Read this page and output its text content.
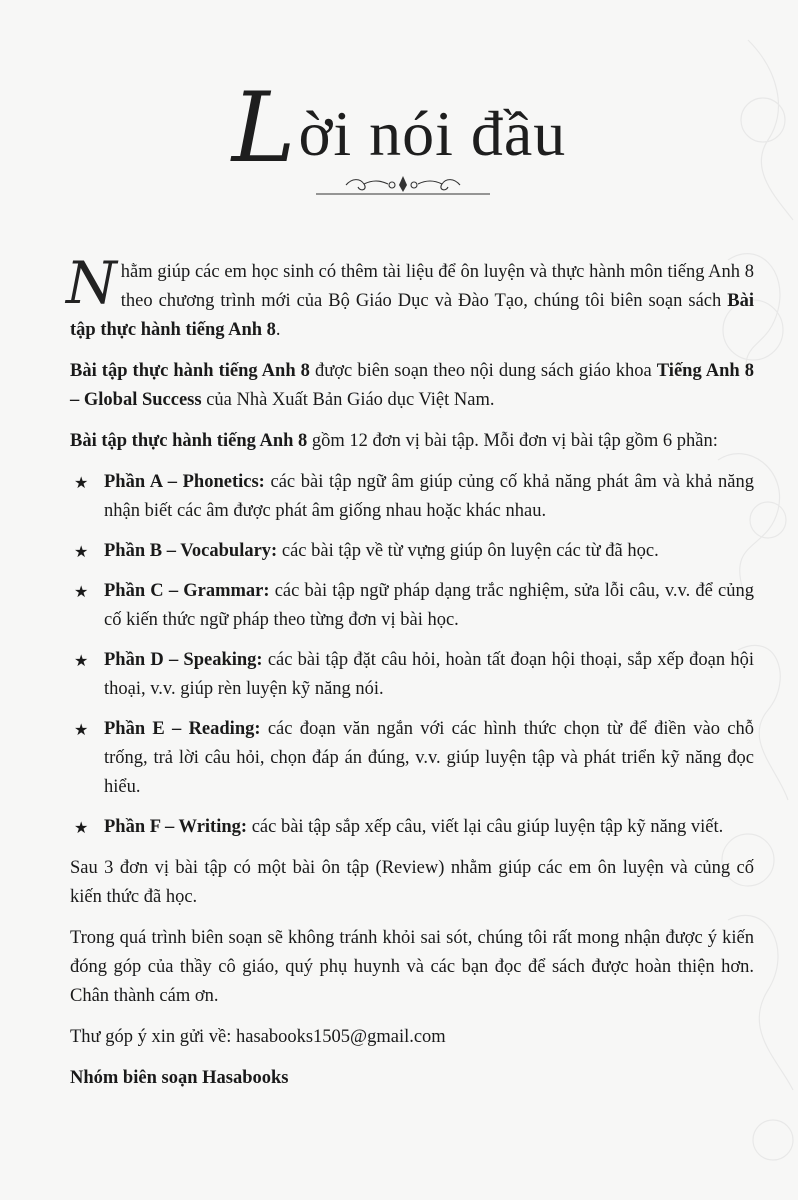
Lời nói đầu

Nhằm giúp các em học sinh có thêm tài liệu để ôn luyện và thực hành môn tiếng Anh 8 theo chương trình mới của Bộ Giáo Dục và Đào Tạo, chúng tôi biên soạn sách Bài tập thực hành tiếng Anh 8.

Bài tập thực hành tiếng Anh 8 được biên soạn theo nội dung sách giáo khoa Tiếng Anh 8 – Global Success của Nhà Xuất Bản Giáo dục Việt Nam.

Bài tập thực hành tiếng Anh 8 gồm 12 đơn vị bài tập. Mỗi đơn vị bài tập gồm 6 phần:

★ Phần A – Phonetics: các bài tập ngữ âm giúp củng cố khả năng phát âm và khả năng nhận biết các âm được phát âm giống nhau hoặc khác nhau.
★ Phần B – Vocabulary: các bài tập về từ vựng giúp ôn luyện các từ đã học.
★ Phần C – Grammar: các bài tập ngữ pháp dạng trắc nghiệm, sửa lỗi câu, v.v. để củng cố kiến thức ngữ pháp theo từng đơn vị bài học.
★ Phần D – Speaking: các bài tập đặt câu hỏi, hoàn tất đoạn hội thoại, sắp xếp đoạn hội thoại, v.v. giúp rèn luyện kỹ năng nói.
★ Phần E – Reading: các đoạn văn ngắn với các hình thức chọn từ để điền vào chỗ trống, trả lời câu hỏi, chọn đáp án đúng, v.v. giúp luyện tập và phát triển kỹ năng đọc hiểu.
★ Phần F – Writing: các bài tập sắp xếp câu, viết lại câu giúp luyện tập kỹ năng viết.

Sau 3 đơn vị bài tập có một bài ôn tập (Review) nhằm giúp các em ôn luyện và củng cố kiến thức đã học.

Trong quá trình biên soạn sẽ không tránh khỏi sai sót, chúng tôi rất mong nhận được ý kiến đóng góp của thầy cô giáo, quý phụ huynh và các bạn đọc để sách được hoàn thiện hơn. Chân thành cám ơn.

Thư góp ý xin gửi về: hasabooks1505@gmail.com

Nhóm biên soạn Hasabooks
